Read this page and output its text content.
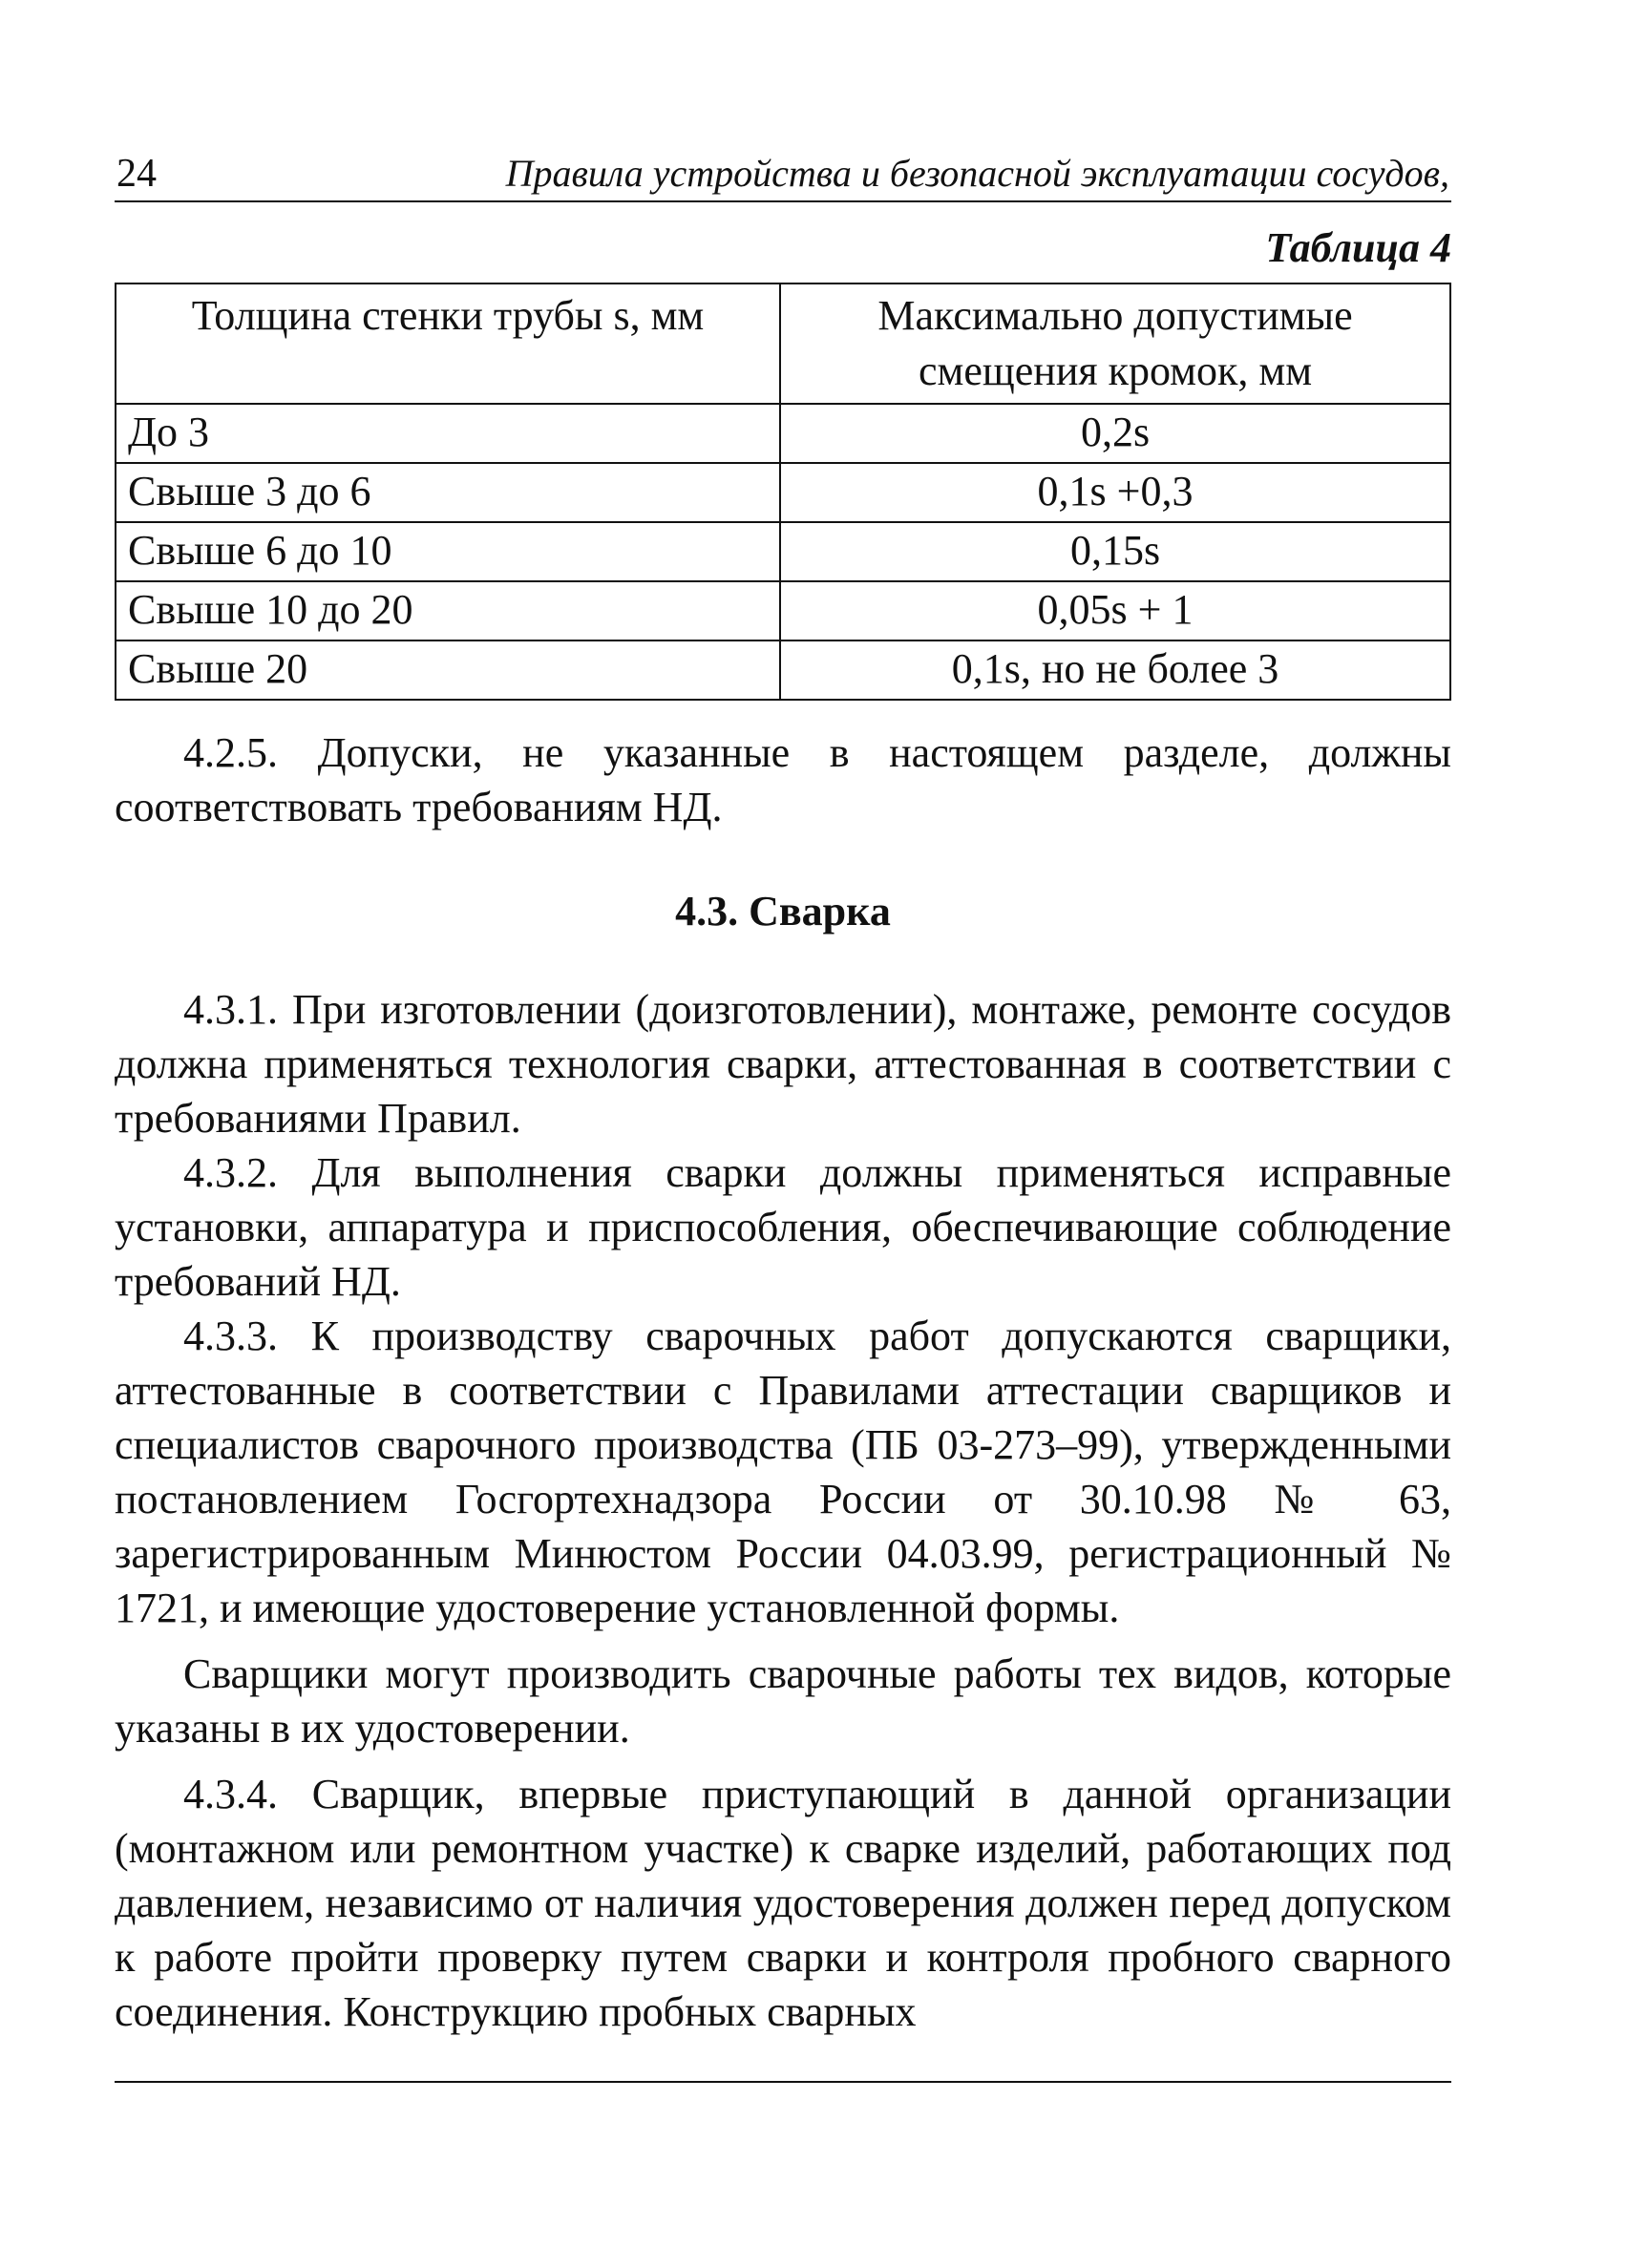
24	Правила устройства и безопасной эксплуатации сосудов,
Таблица 4
Толщина стенки трубы s, мм	Максимально допустимые смещения кромок, мм
До 3	0,2s
Свыше 3 до 6	0,1s +0,3
Свыше 6 до 10	0,15s
Свыше 10 до 20	0,05s + 1
Свыше 20	0,1s, но не более 3

4.2.5. Допуски, не указанные в настоящем разделе, должны соответствовать требованиям НД.

4.3. Сварка

4.3.1. При изготовлении (доизготовлении), монтаже, ремонте сосудов должна применяться технология сварки, аттестованная в соответствии с требованиями Правил.

4.3.2. Для выполнения сварки должны применяться исправные установки, аппаратура и приспособления, обеспечивающие соблюдение требований НД.

4.3.3. К производству сварочных работ допускаются сварщики, аттестованные в соответствии с Правилами аттестации сварщиков и специалистов сварочного производства (ПБ 03-273–99), утвержденными постановлением Госгортехнадзора России от 30.10.98 № 63, зарегистрированным Минюстом России 04.03.99, регистрационный № 1721, и имеющие удостоверение установленной формы.

Сварщики могут производить сварочные работы тех видов, которые указаны в их удостоверении.

4.3.4. Сварщик, впервые приступающий в данной организации (монтажном или ремонтном участке) к сварке изделий, работающих под давлением, независимо от наличия удостоверения должен перед допуском к работе пройти проверку путем сварки и контроля пробного сварного соединения. Конструкцию пробных сварных
